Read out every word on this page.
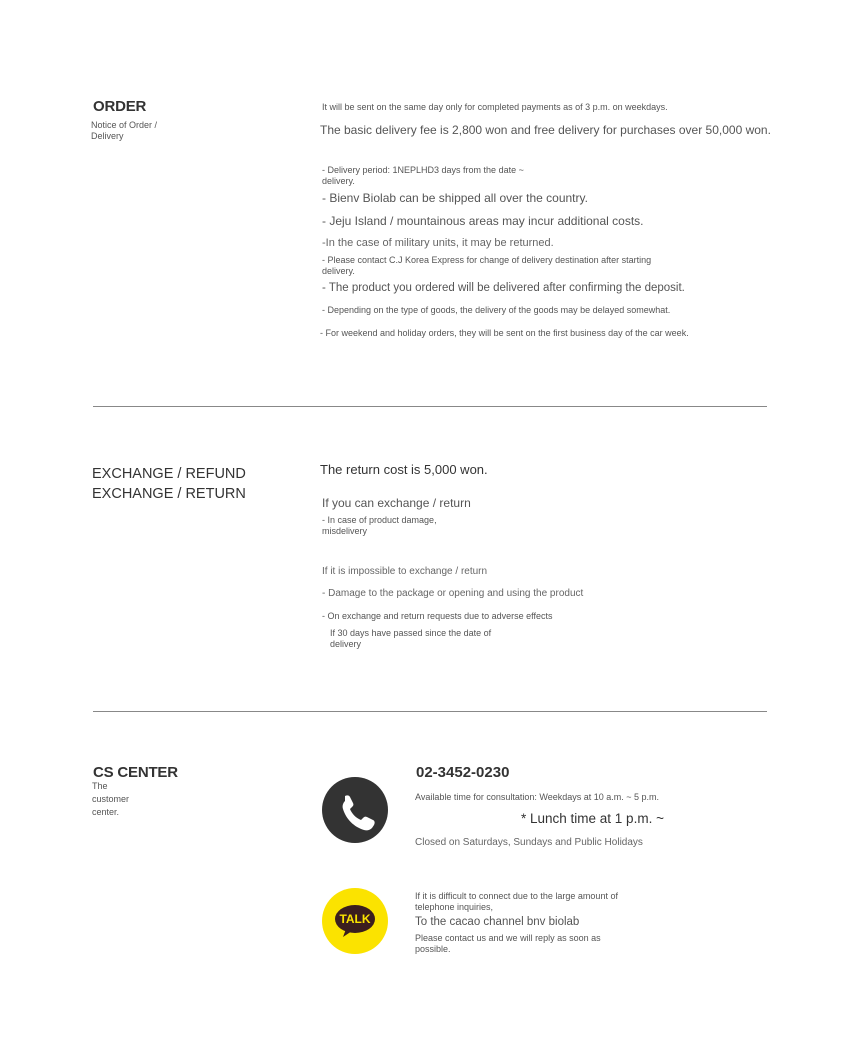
ORDER
Notice of Order / Delivery
It will be sent on the same day only for completed payments as of 3 p.m. on weekdays.
The basic delivery fee is 2,800 won and free delivery for purchases over 50,000 won.
- Delivery period: 1NEPLHD3 days from the date ~ delivery.
- Bienv Biolab can be shipped all over the country.
- Jeju Island / mountainous areas may incur additional costs.
-In the case of military units, it may be returned.
- Please contact C.J Korea Express for change of delivery destination after starting delivery.
- The product you ordered will be delivered after confirming the deposit.
- Depending on the type of goods, the delivery of the goods may be delayed somewhat.
- For weekend and holiday orders, they will be sent on the first business day of the car week.
EXCHANGE / REFUND
EXCHANGE / RETURN
The return cost is 5,000 won.
If you can exchange / return
- In case of product damage, misdelivery
If it is impossible to exchange / return
- Damage to the package or opening and using the product
- On exchange and return requests due to adverse effects
If 30 days have passed since the date of delivery
CS CENTER
The customer center.
02-3452-0230
Available time for consultation: Weekdays at 10 a.m. ~ 5 p.m.
* Lunch time at 1 p.m. ~
Closed on Saturdays, Sundays and Public Holidays
TALK
If it is difficult to connect due to the large amount of telephone inquiries,
To the cacao channel bnv biolab
Please contact us and we will reply as soon as possible.
